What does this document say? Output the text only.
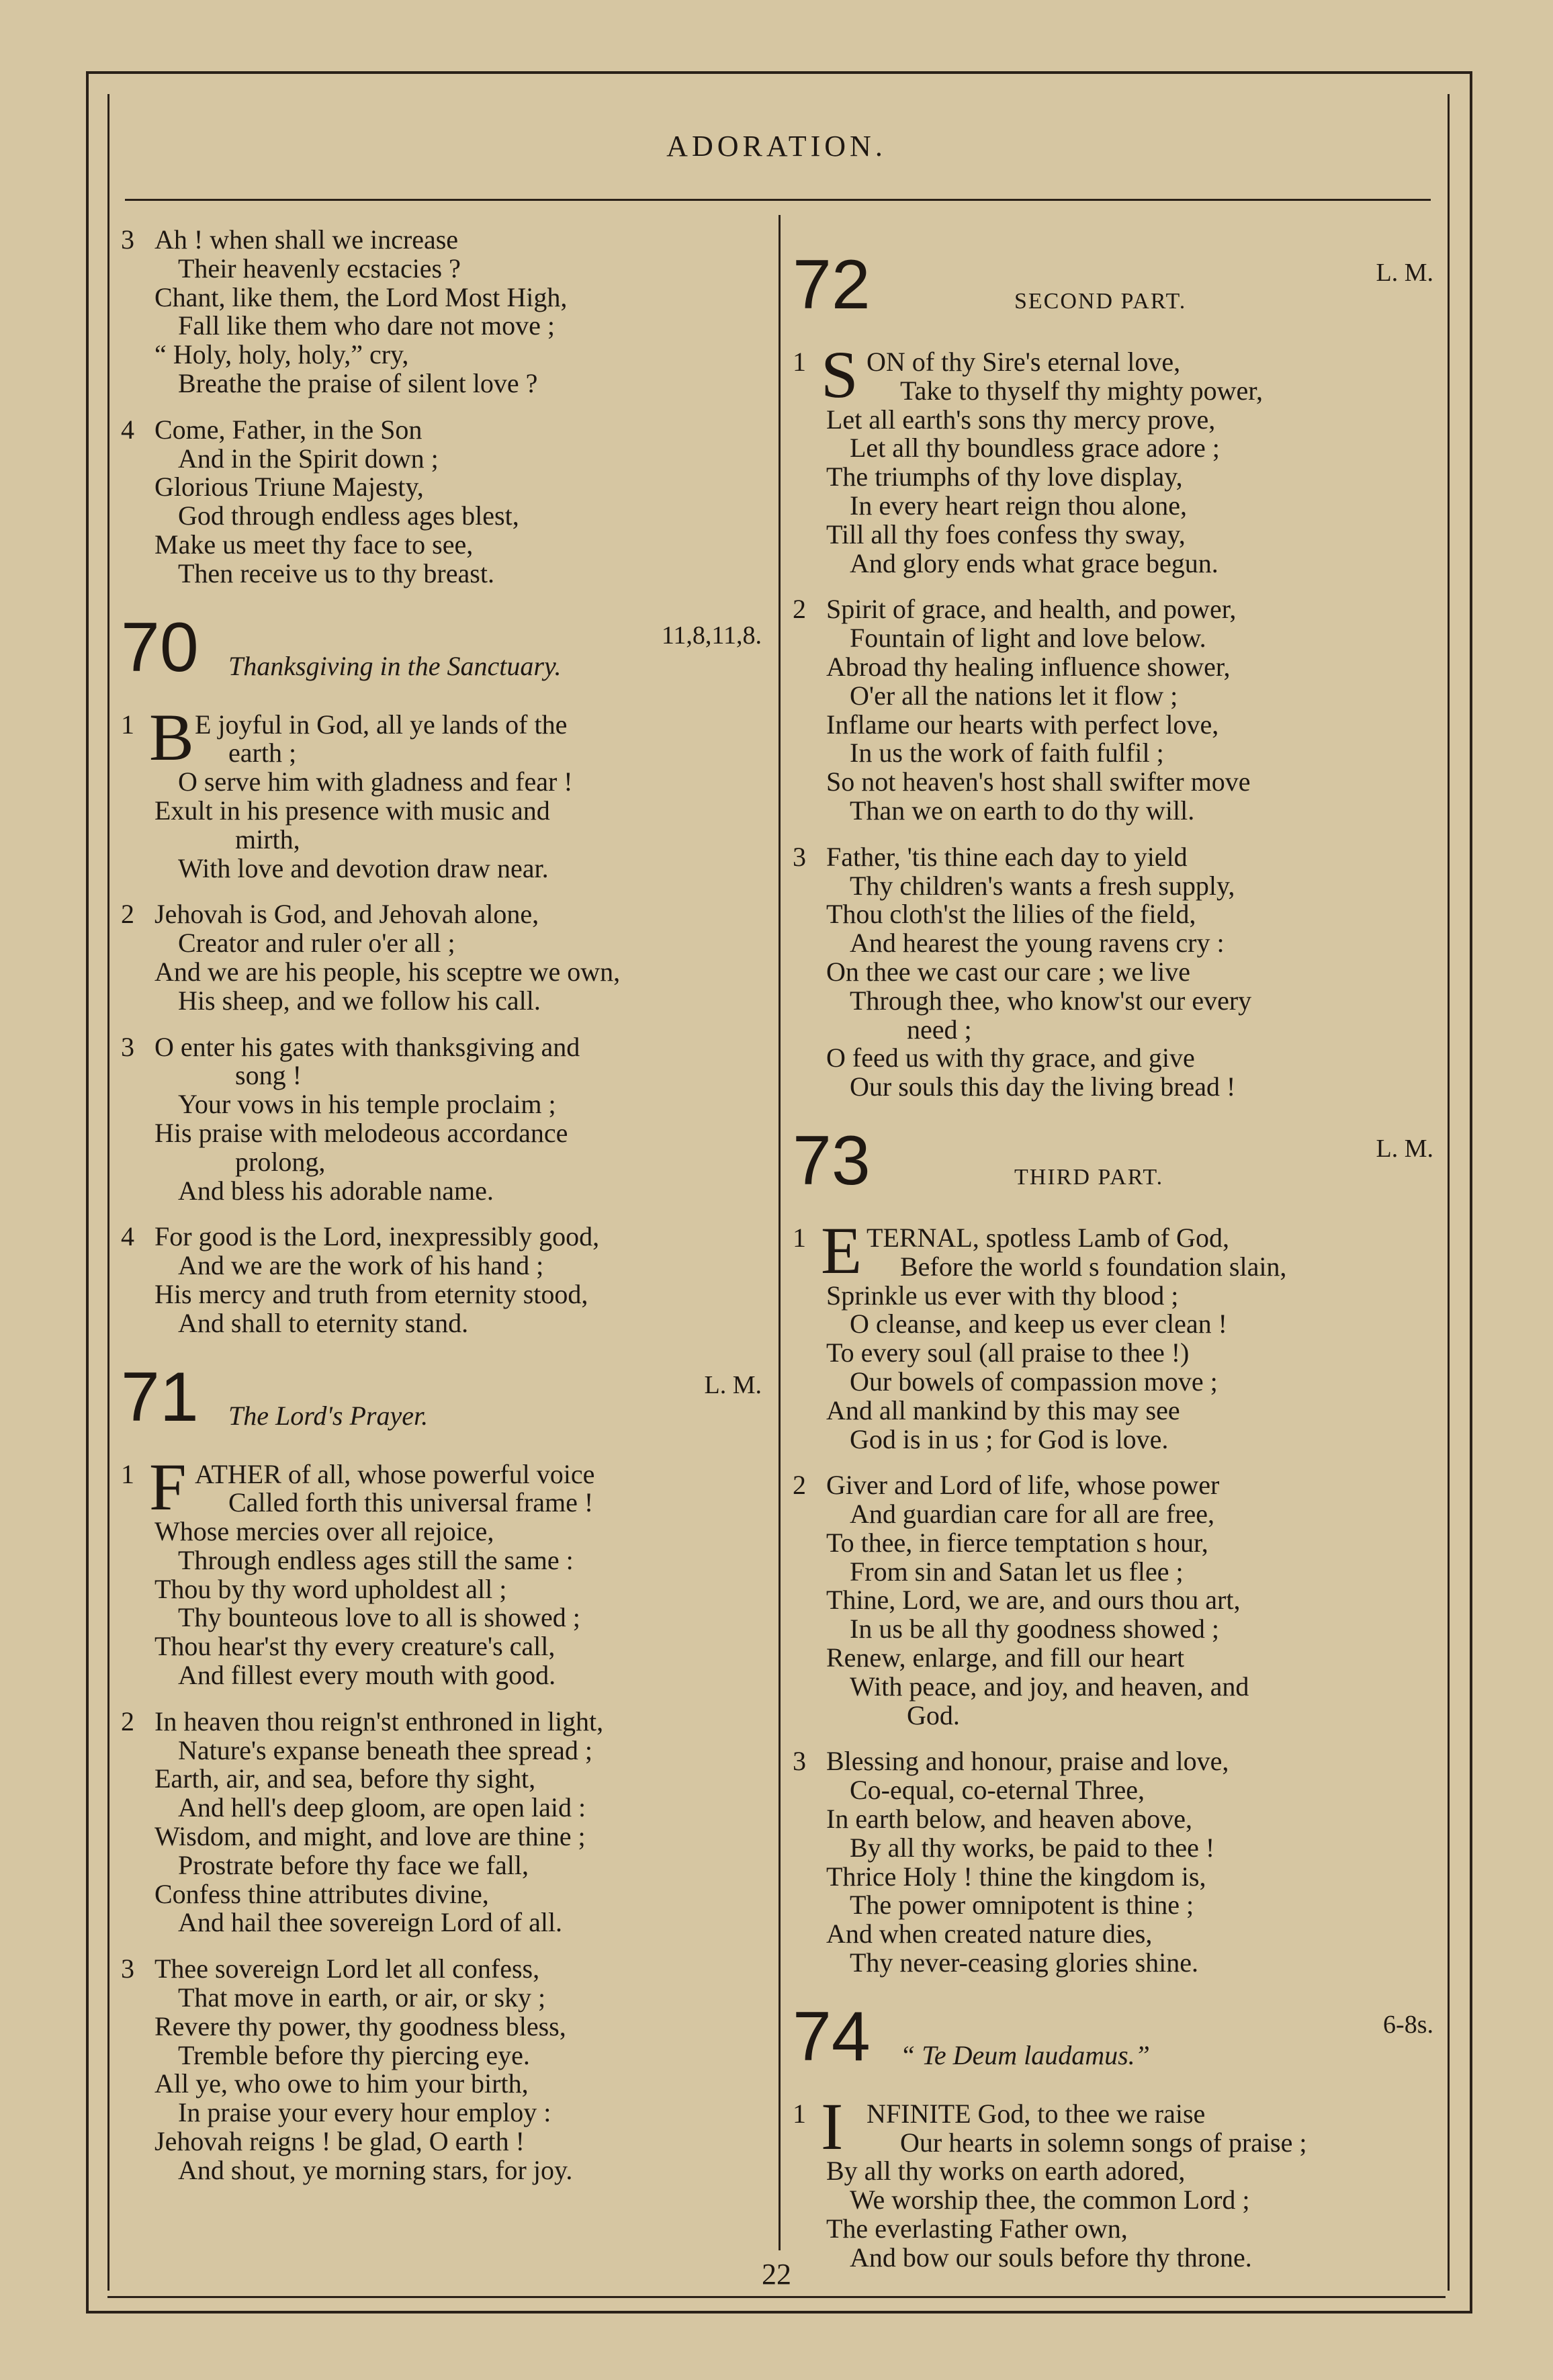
ADORATION.
22
3 Ah ! when shall we increase
Their heavenly ecstacies ?
Chant, like them, the Lord Most High,
Fall like them who dare not move ;
“ Holy, holy, holy,” cry,
Breathe the praise of silent love ?
4 Come, Father, in the Son
And in the Spirit down ;
Glorious Triune Majesty,
God through endless ages blest,
Make us meet thy face to see,
Then receive us to thy breast.
70	11,8,11,8.
Thanksgiving in the Sanctuary.
1 B E joyful in God, all ye lands of the
earth ;
O serve him with gladness and fear !
Exult in his presence with music and
mirth,
With love and devotion draw near.
2 Jehovah is God, and Jehovah alone,
Creator and ruler o'er all ;
And we are his people, his sceptre we own,
His sheep, and we follow his call.
3 O enter his gates with thanksgiving and
song !
Your vows in his temple proclaim ;
His praise with melodeous accordance
prolong,
And bless his adorable name.
4 For good is the Lord, inexpressibly good,
And we are the work of his hand ;
His mercy and truth from eternity stood,
And shall to eternity stand.
71	L. M.
The Lord's Prayer.
1 F ATHER of all, whose powerful voice
Called forth this universal frame !
Whose mercies over all rejoice,
Through endless ages still the same :
Thou by thy word upholdest all ;
Thy bounteous love to all is showed ;
Thou hear'st thy every creature's call,
And fillest every mouth with good.
2 In heaven thou reign'st enthroned in light,
Nature's expanse beneath thee spread ;
Earth, air, and sea, before thy sight,
And hell's deep gloom, are open laid :
Wisdom, and might, and love are thine ;
Prostrate before thy face we fall,
Confess thine attributes divine,
And hail thee sovereign Lord of all.
3 Thee sovereign Lord let all confess,
That move in earth, or air, or sky ;
Revere thy power, thy goodness bless,
Tremble before thy piercing eye.
All ye, who owe to him your birth,
In praise your every hour employ :
Jehovah reigns ! be glad, O earth !
And shout, ye morning stars, for joy.
72	L. M.
SECOND PART.
1 S ON of thy Sire's eternal love,
Take to thyself thy mighty power,
Let all earth's sons thy mercy prove,
Let all thy boundless grace adore ;
The triumphs of thy love display,
In every heart reign thou alone,
Till all thy foes confess thy sway,
And glory ends what grace begun.
2 Spirit of grace, and health, and power,
Fountain of light and love below.
Abroad thy healing influence shower,
O'er all the nations let it flow ;
Inflame our hearts with perfect love,
In us the work of faith fulfil ;
So not heaven's host shall swifter move
Than we on earth to do thy will.
3 Father, 'tis thine each day to yield
Thy children's wants a fresh supply,
Thou cloth'st the lilies of the field,
And hearest the young ravens cry :
On thee we cast our care ; we live
Through thee, who know'st our every
need ;
O feed us with thy grace, and give
Our souls this day the living bread !
73	L. M.
THIRD PART.
1 E TERNAL, spotless Lamb of God,
Before the world s foundation slain,
Sprinkle us ever with thy blood ;
O cleanse, and keep us ever clean !
To every soul (all praise to thee !)
Our bowels of compassion move ;
And all mankind by this may see
God is in us ; for God is love.
2 Giver and Lord of life, whose power
And guardian care for all are free,
To thee, in fierce temptation s hour,
From sin and Satan let us flee ;
Thine, Lord, we are, and ours thou art,
In us be all thy goodness showed ;
Renew, enlarge, and fill our heart
With peace, and joy, and heaven, and
God.
3 Blessing and honour, praise and love,
Co-equal, co-eternal Three,
In earth below, and heaven above,
By all thy works, be paid to thee !
Thrice Holy ! thine the kingdom is,
The power omnipotent is thine ;
And when created nature dies,
Thy never-ceasing glories shine.
74	6-8s.
“ Te Deum laudamus.”
1 I NFINITE God, to thee we raise
Our hearts in solemn songs of praise ;
By all thy works on earth adored,
We worship thee, the common Lord ;
The everlasting Father own,
And bow our souls before thy throne.
